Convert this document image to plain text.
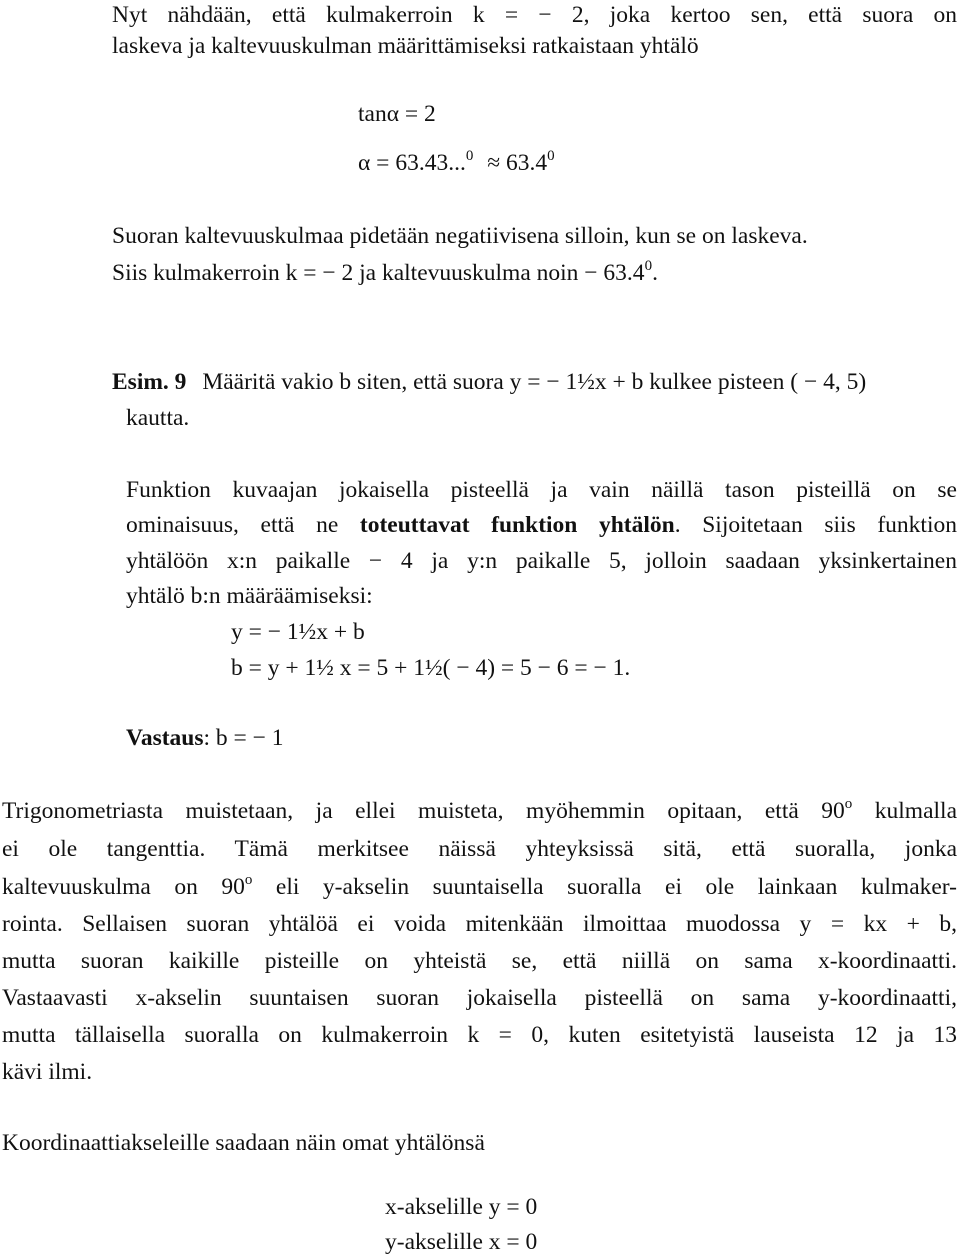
Nyt nähdään, että kulmakerroin k = − 2, joka kertoo sen, että suora on
laskeva ja kaltevuuskulman määrittämiseksi ratkaistaan yhtälö
tanα = 2
$\alpha = 63.43...^0 \approx 63.4^0$
Suoran kaltevuuskulmaa pidetään negatiivisena silloin, kun se on laskeva.
Siis kulmakerroin k = − 2 ja kaltevuuskulma noin − $63.4^0$.
Esim. 9 Määritä vakio b siten, että suora y = − 1½x + b kulkee pisteen ( − 4, 5)
kautta.
Funktion kuvaajan jokaisella pisteellä ja vain näillä tason pisteillä on se
ominaisuus, että ne toteuttavat funktion yhtälön. Sijoitetaan siis funktion
yhtälöön x:n paikalle − 4 ja y:n paikalle 5, jolloin saadaan yksinkertainen
yhtälö b:n määräämiseksi:
y = − 1½x + b
b = y + 1½ x = 5 + 1½( − 4) = 5 − 6 = − 1.
Vastaus: b = − 1
Trigonometriasta muistetaan, ja ellei muisteta, myöhemmin opitaan, että 90$^o$ kulmalla
ei ole tangenttia. Tämä merkitsee näissä yhteyksissä sitä, että suoralla, jonka
kaltevuuskulma on 90$^o$ eli y-akselin suuntaisella suoralla ei ole lainkaan kulmaker-
rointa. Sellaisen suoran yhtälöä ei voida mitenkään ilmoittaa muodossa y = kx + b,
mutta suoran kaikille pisteille on yhteistä se, että niillä on sama x-koordinaatti.
Vastaavasti x-akselin suuntaisen suoran jokaisella pisteellä on sama y-koordinaatti,
mutta tällaisella suoralla on kulmakerroin k = 0, kuten esitetyistä lauseista 12 ja 13
kävi ilmi.
Koordinaattiakseleille saadaan näin omat yhtälönsä
x-akselille y = 0
y-akselille x = 0
